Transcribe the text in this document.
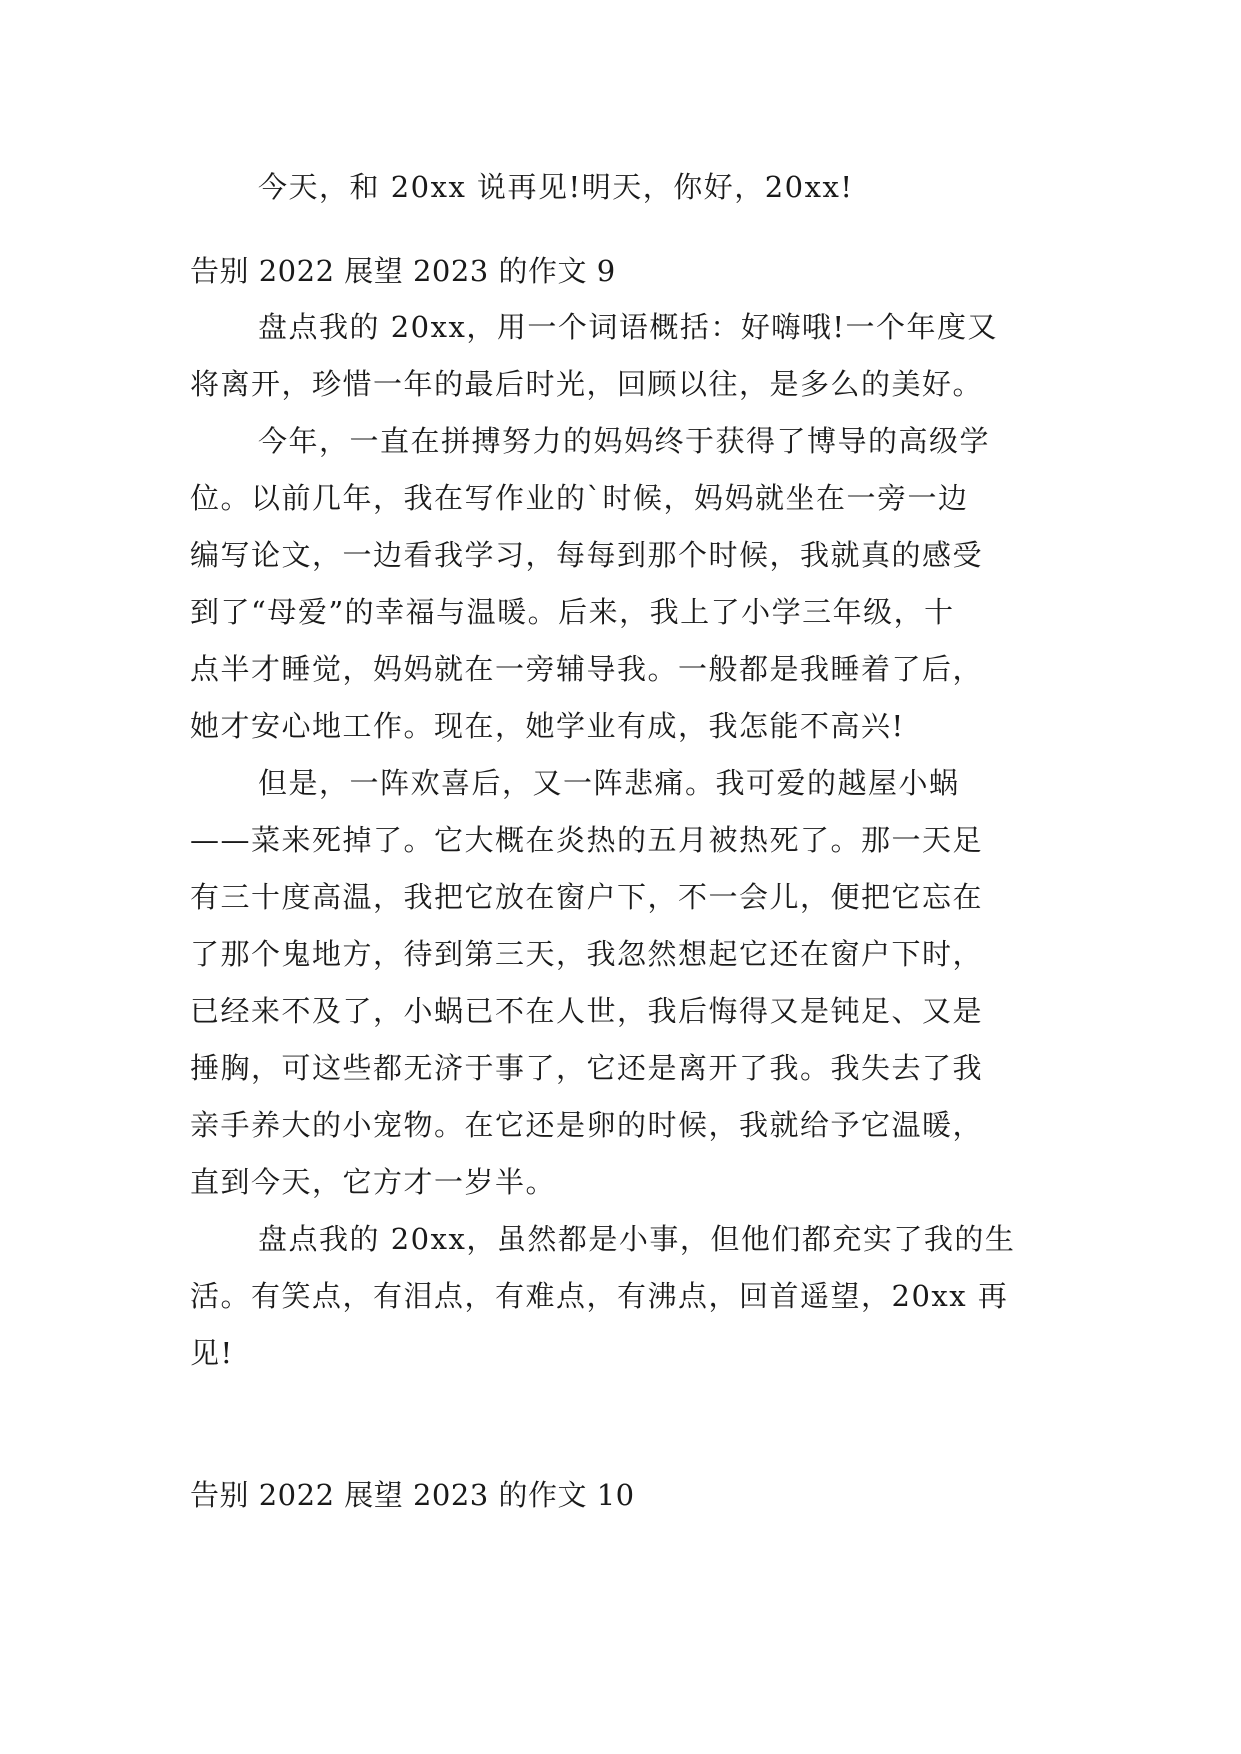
今天，和 20xx 说再见!明天，你好，20xx!
告别 2022 展望 2023 的作文 9
盘点我的 20xx，用一个词语概括：好嗨哦!一个年度又
将离开，珍惜一年的最后时光，回顾以往，是多么的美好。
今年，一直在拼搏努力的妈妈终于获得了博导的高级学
位。以前几年，我在写作业的`时候，妈妈就坐在一旁一边
编写论文，一边看我学习，每每到那个时候，我就真的感受
到了“母爱”的幸福与温暖。后来，我上了小学三年级，十
点半才睡觉，妈妈就在一旁辅导我。一般都是我睡着了后，
她才安心地工作。现在，她学业有成，我怎能不高兴!
但是，一阵欢喜后，又一阵悲痛。我可爱的越屋小蜗
——菜来死掉了。它大概在炎热的五月被热死了。那一天足
有三十度高温，我把它放在窗户下，不一会儿，便把它忘在
了那个鬼地方，待到第三天，我忽然想起它还在窗户下时，
已经来不及了，小蜗已不在人世，我后悔得又是钝足、又是
捶胸，可这些都无济于事了，它还是离开了我。我失去了我
亲手养大的小宠物。在它还是卵的时候，我就给予它温暖，
直到今天，它方才一岁半。
盘点我的 20xx，虽然都是小事，但他们都充实了我的生
活。有笑点，有泪点，有难点，有沸点，回首遥望，20xx 再
见!
告别 2022 展望 2023 的作文 10
